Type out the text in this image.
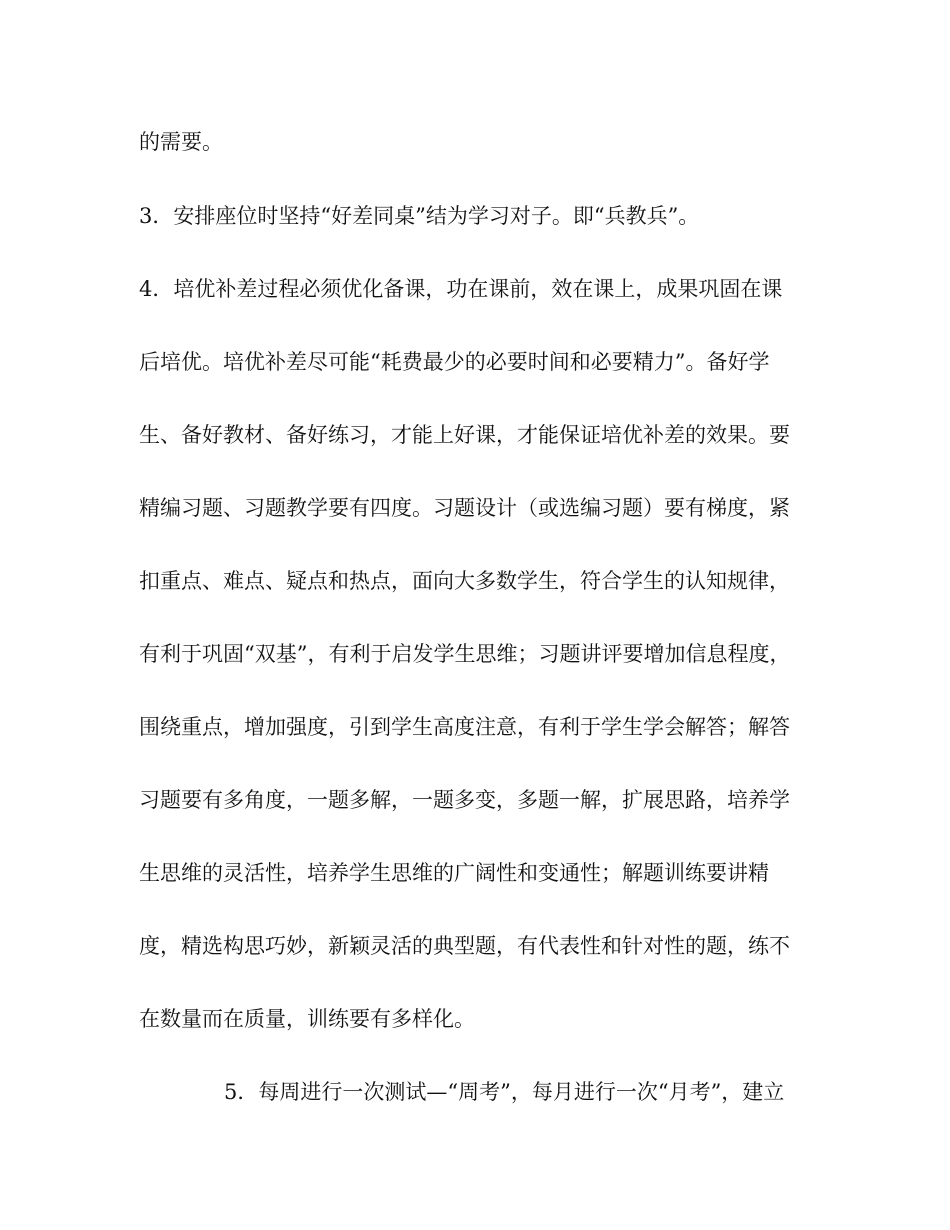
的需要。
3．安排座位时坚持“好差同桌”结为学习对子。即“兵教兵”。
4．培优补差过程必须优化备课，功在课前，效在课上，成果巩固在课
后培优。培优补差尽可能“耗费最少的必要时间和必要精力”。备好学
生、备好教材、备好练习，才能上好课，才能保证培优补差的效果。要
精编习题、习题教学要有四度。习题设计（或选编习题）要有梯度，紧
扣重点、难点、疑点和热点，面向大多数学生，符合学生的认知规律，
有利于巩固“双基”，有利于启发学生思维；习题讲评要增加信息程度，
围绕重点，增加强度，引到学生高度注意，有利于学生学会解答；解答
习题要有多角度，一题多解，一题多变，多题一解，扩展思路，培养学
生思维的灵活性，培养学生思维的广阔性和变通性；解题训练要讲精
度，精选构思巧妙，新颖灵活的典型题，有代表性和针对性的题，练不
在数量而在质量，训练要有多样化。
5．每周进行一次测试—“周考”，每月进行一次“月考”，建立
